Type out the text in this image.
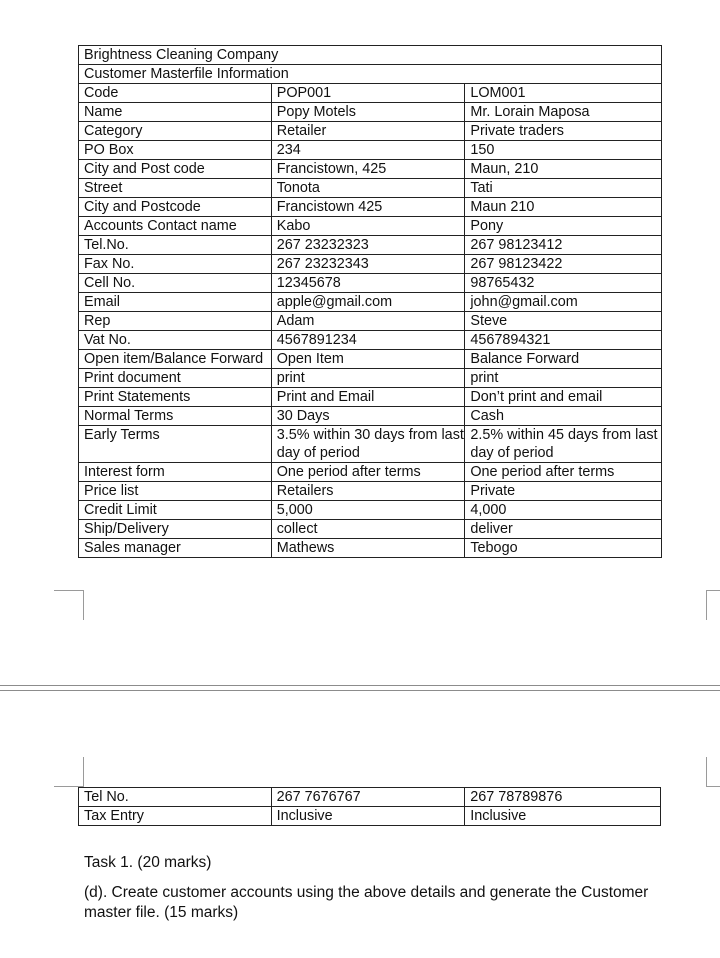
Brightness Cleaning Company		
Customer Masterfile Information		
Code	POP001	LOM001
Name	Popy Motels	Mr. Lorain Maposa
Category	Retailer	Private traders
PO Box	234	150
City and Post code	Francistown, 425	Maun, 210
Street	Tonota	Tati
City and Postcode	Francistown 425	Maun 210
Accounts Contact name	Kabo	Pony
Tel.No.	267 23232323	267 98123412
Fax No.	267 23232343	267 98123422
Cell No.	12345678	98765432
Email	apple@gmail.com	john@gmail.com
Rep	Adam	Steve
Vat No.	4567891234	4567894321
Open item/Balance Forward	Open Item	Balance Forward
Print document	print	print
Print Statements	Print and Email	Don’t print and email
Normal Terms	30 Days	Cash
Early Terms	3.5% within 30 days from last day of period	2.5% within 45 days from last day of period
Interest form	One period after terms	One period after terms
Price list	Retailers	Private
Credit Limit	5,000	4,000
Ship/Delivery	collect	deliver
Sales manager	Mathews	Tebogo
Tel No.	267 7676767	267 78789876
Tax Entry	Inclusive	Inclusive
Task 1. (20 marks)
(d). Create customer accounts using the above details and generate the Customer master file. (15 marks)
